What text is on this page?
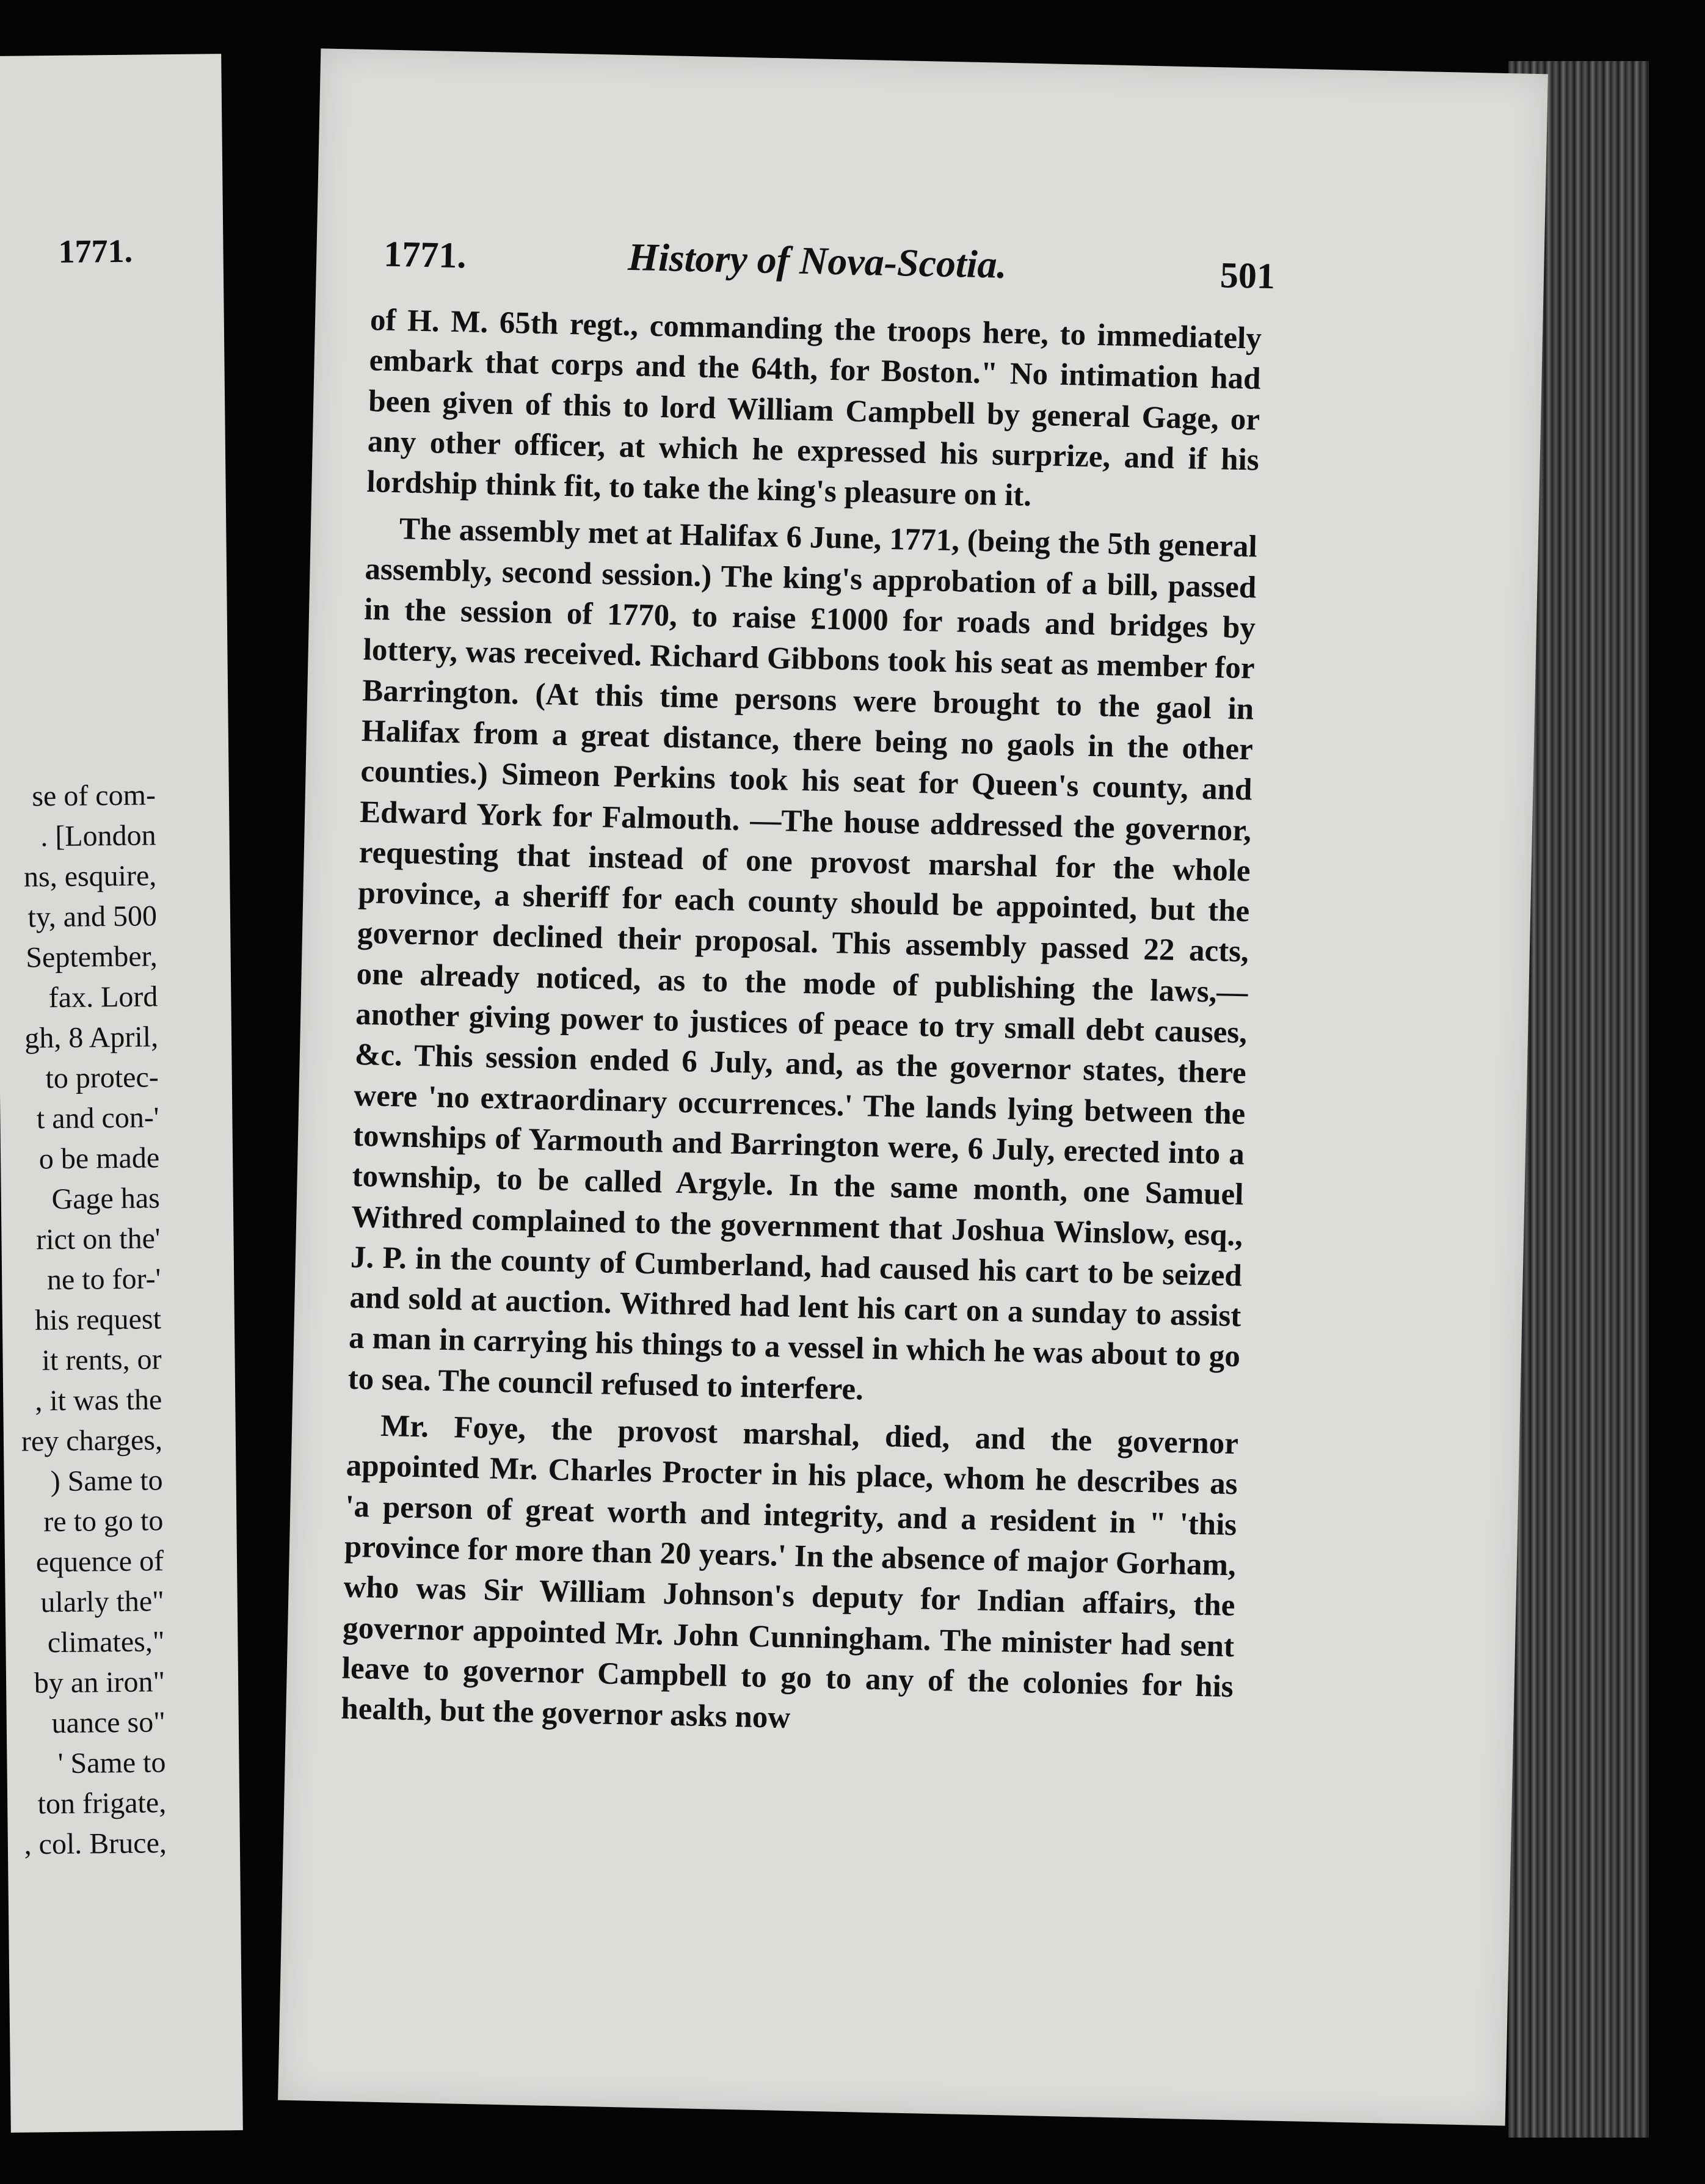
1771.
se of com-
. [London
ns, esquire,
ty, and 500
September,
fax. Lord
gh, 8 April,
to protec-
t and con-'
o be made
Gage has
rict on the'
ne to for-'
his request
it rents, or
, it was the
rey charges,
) Same to
re to go to
equence of
ularly the"
climates,"
by an iron"
uance so"
' Same to
ton frigate,
, col. Bruce,
1771.	History of Nova-Scotia.	501

of H. M. 65th regt., commanding the troops here, to immediately embark that corps and the 64th, for Boston." No intimation had been given of this to lord William Campbell by general Gage, or any other officer, at which he expressed his surprize, and if his lordship think fit, to take the king's pleasure on it.

The assembly met at Halifax 6 June, 1771, (being the 5th general assembly, second session.) The king's approbation of a bill, passed in the session of 1770, to raise £1000 for roads and bridges by lottery, was received. Richard Gibbons took his seat as member for Barrington. (At this time persons were brought to the gaol in Halifax from a great distance, there being no gaols in the other counties.) Simeon Perkins took his seat for Queen's county, and Edward York for Falmouth. —The house addressed the governor, requesting that instead of one provost marshal for the whole province, a sheriff for each county should be appointed, but the governor declined their proposal. This assembly passed 22 acts, one already noticed, as to the mode of publishing the laws,—another giving power to justices of peace to try small debt causes, &c. This session ended 6 July, and, as the governor states, there were 'no extraordinary occurrences.' The lands lying between the townships of Yarmouth and Barrington were, 6 July, erected into a township, to be called Argyle. In the same month, one Samuel Withred complained to the government that Joshua Winslow, esq., J. P. in the county of Cumberland, had caused his cart to be seized and sold at auction. Withred had lent his cart on a sunday to assist a man in carrying his things to a vessel in which he was about to go to sea. The council refused to interfere.

Mr. Foye, the provost marshal, died, and the governor appointed Mr. Charles Procter in his place, whom he describes as 'a person of great worth and integrity, and a resident in " 'this province for more than 20 years.' In the absence of major Gorham, who was Sir William Johnson's deputy for Indian affairs, the governor appointed Mr. John Cunningham. The minister had sent leave to governor Campbell to go to any of the colonies for his health, but the governor asks now
